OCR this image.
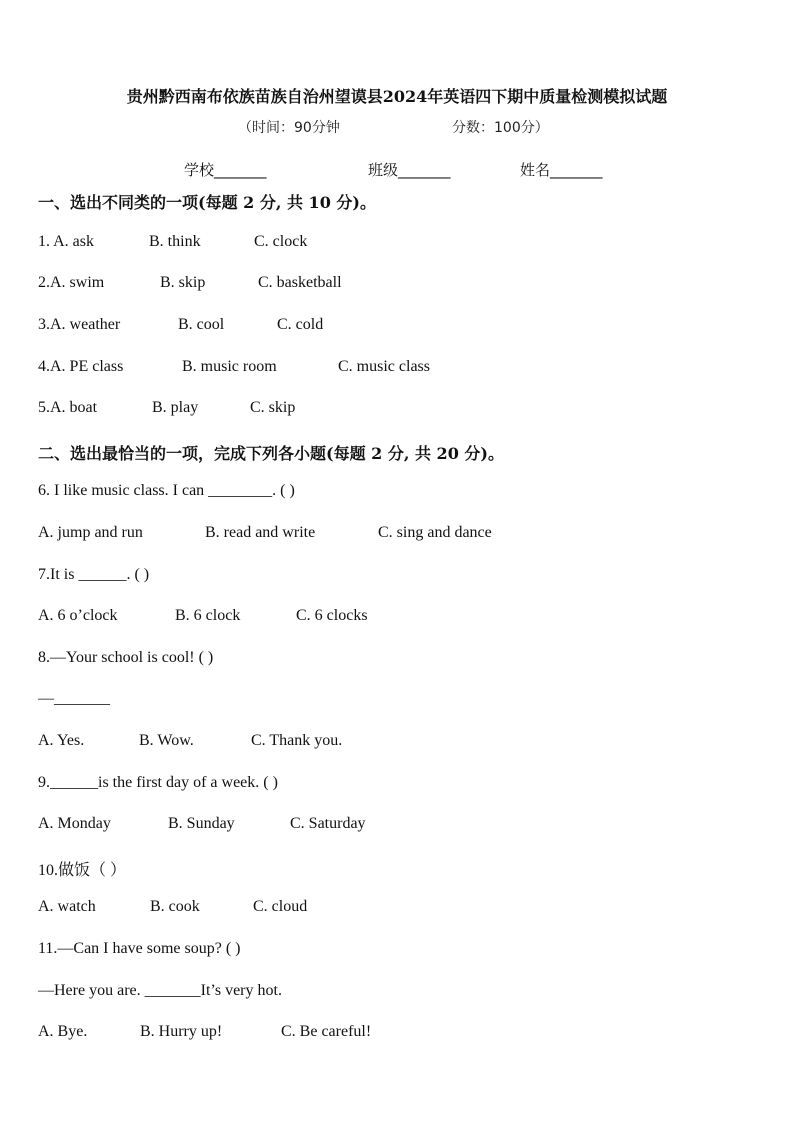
贵州黔西南布依族苗族自治州望谟县2024年英语四下期中质量检测模拟试题
（时间：90分钟	分数：100分）
学校_______	班级_______	姓名_______
一、选出不同类的一项(每题 2 分, 共 10 分)。
1. A. ask	B. think	C. clock
2.A. swim	B. skip	C. basketball
3.A. weather	B. cool	C. cold
4.A. PE class	B. music room	C. music class
5.A. boat	B. play	C. skip
二、选出最恰当的一项，完成下列各小题(每题 2 分, 共 20 分)。
6. I like music class. I can ________. ( )
A. jump and run	B. read and write	C. sing and dance
7.It is ______. ( )
A. 6 o’clock	B. 6 clock	C. 6 clocks
8.—Your school is cool! ( )
—_______
A. Yes.	B. Wow.	C. Thank you.
9.______is the first day of a week. ( )
A. Monday	B. Sunday	C. Saturday
10.做饭（ ）
A. watch	B. cook	C. cloud
11.—Can I have some soup? ( )
—Here you are. _______It’s very hot.
A. Bye.	B. Hurry up!	C. Be careful!
